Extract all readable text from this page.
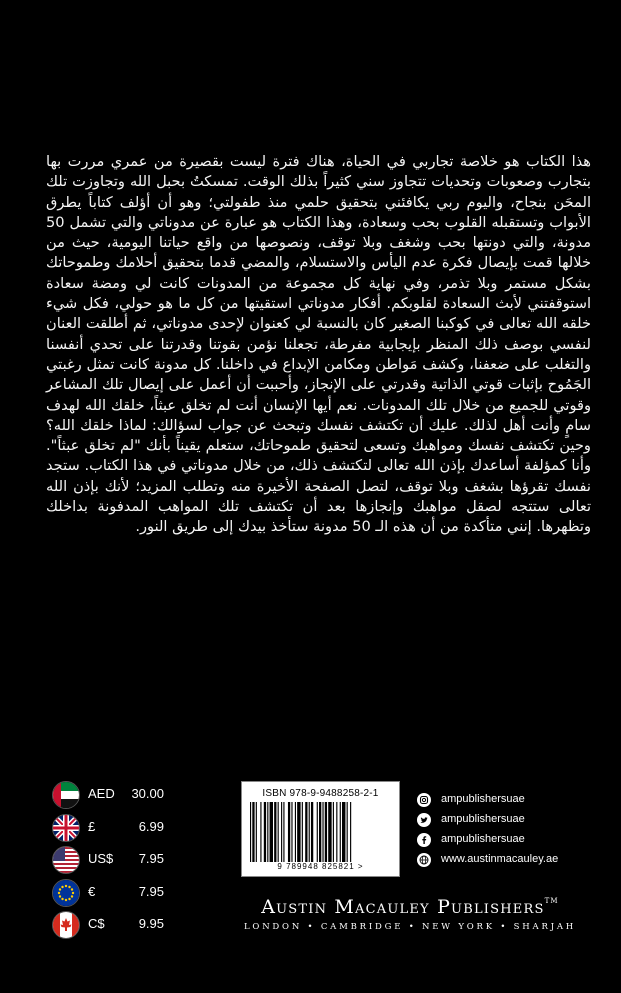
هذا الكتاب هو خلاصة تجاربي في الحياة، هناك فترة ليست بقصيرة من عمري مررت بها بتجارب وصعوبات وتحديات تتجاوز سني كثيراً بذلك الوقت. تمسكتُ بحبل الله وتجاوزت تلك المحَن بنجاح، واليوم ربي يكافئني بتحقيق حلمي منذ طفولتي؛ وهو أن أؤلف كتاباً يطرق الأبواب وتستقبله القلوب بحب وسعادة، وهذا الكتاب هو عبارة عن مدوناتي والتي تشمل 50 مدونة، والتي دونتها بحب وشغف وبلا توقف، ونصوصها من واقع حياتنا اليومية، حيث من خلالها قمت بإيصال فكرة عدم اليأس والاستسلام، والمضي قدما بتحقيق أحلامك وطموحاتك بشكل مستمر وبلا تذمر، وفي نهاية كل مجموعة من المدونات كانت لي ومضة سعادة استوقفتني لأبث السعادة لقلوبكم. أفكار مدوناتي استقيتها من كل ما هو حولي، فكل شيء خلقه الله تعالى في كوكبنا الصغير كان بالنسبة لي كعنوان لإحدى مدوناتي، ثم أطلقت العنان لنفسي بوصف ذلك المنظر بإيجابية مفرطة، تجعلنا نؤمن بقوتنا وقدرتنا على تحدي أنفسنا والتغلب على ضعفنا، وكشف مَواطن ومكامن الإبداع في داخلنا. كل مدونة كانت تمثل رغبتي الجَمُوح بإثبات قوتي الذاتية وقدرتي على الإنجاز، وأحببت أن أعمل على إيصال تلك المشاعر وقوتي للجميع من خلال تلك المدونات. نعم أيها الإنسان أنت لم تخلق عبثاً، خلقك الله لهدف سامٍ وأنت أهل لذلك. عليك أن تكتشف نفسك وتبحث عن جواب لسؤالك: لماذا خلقك الله؟ وحين تكتشف نفسك ومواهبك وتسعى لتحقيق طموحاتك، ستعلم يقيناً بأنك "لم تخلق عبثاً". وأنا كمؤلفة أساعدك بإذن الله تعالى لتكتشف ذلك، من خلال مدوناتي في هذا الكتاب. ستجد نفسك تقرؤها بشغف وبلا توقف، لتصل الصفحة الأخيرة منه وتطلب المزيد؛ لأنك بإذن الله تعالى ستتجه لصقل مواهبك وإنجازها بعد أن تكتشف تلك المواهب المدفونة بداخلك وتظهرها. إنني متأكدة من أن هذه الـ 50 مدونة ستأخذ بيدك إلى طريق النور.

AED 30.00
£	6.99
US$ 7.95
€	7.95
C$	9.95
ISBN 978-9-9488258-2-1
9 789948 825821 >
ampublishersuae
ampublishersuae
ampublishersuae
www.austinmacauley.ae
Austin Macauley Publishers™
LONDON • CAMBRIDGE • NEW YORK • SHARJAH
